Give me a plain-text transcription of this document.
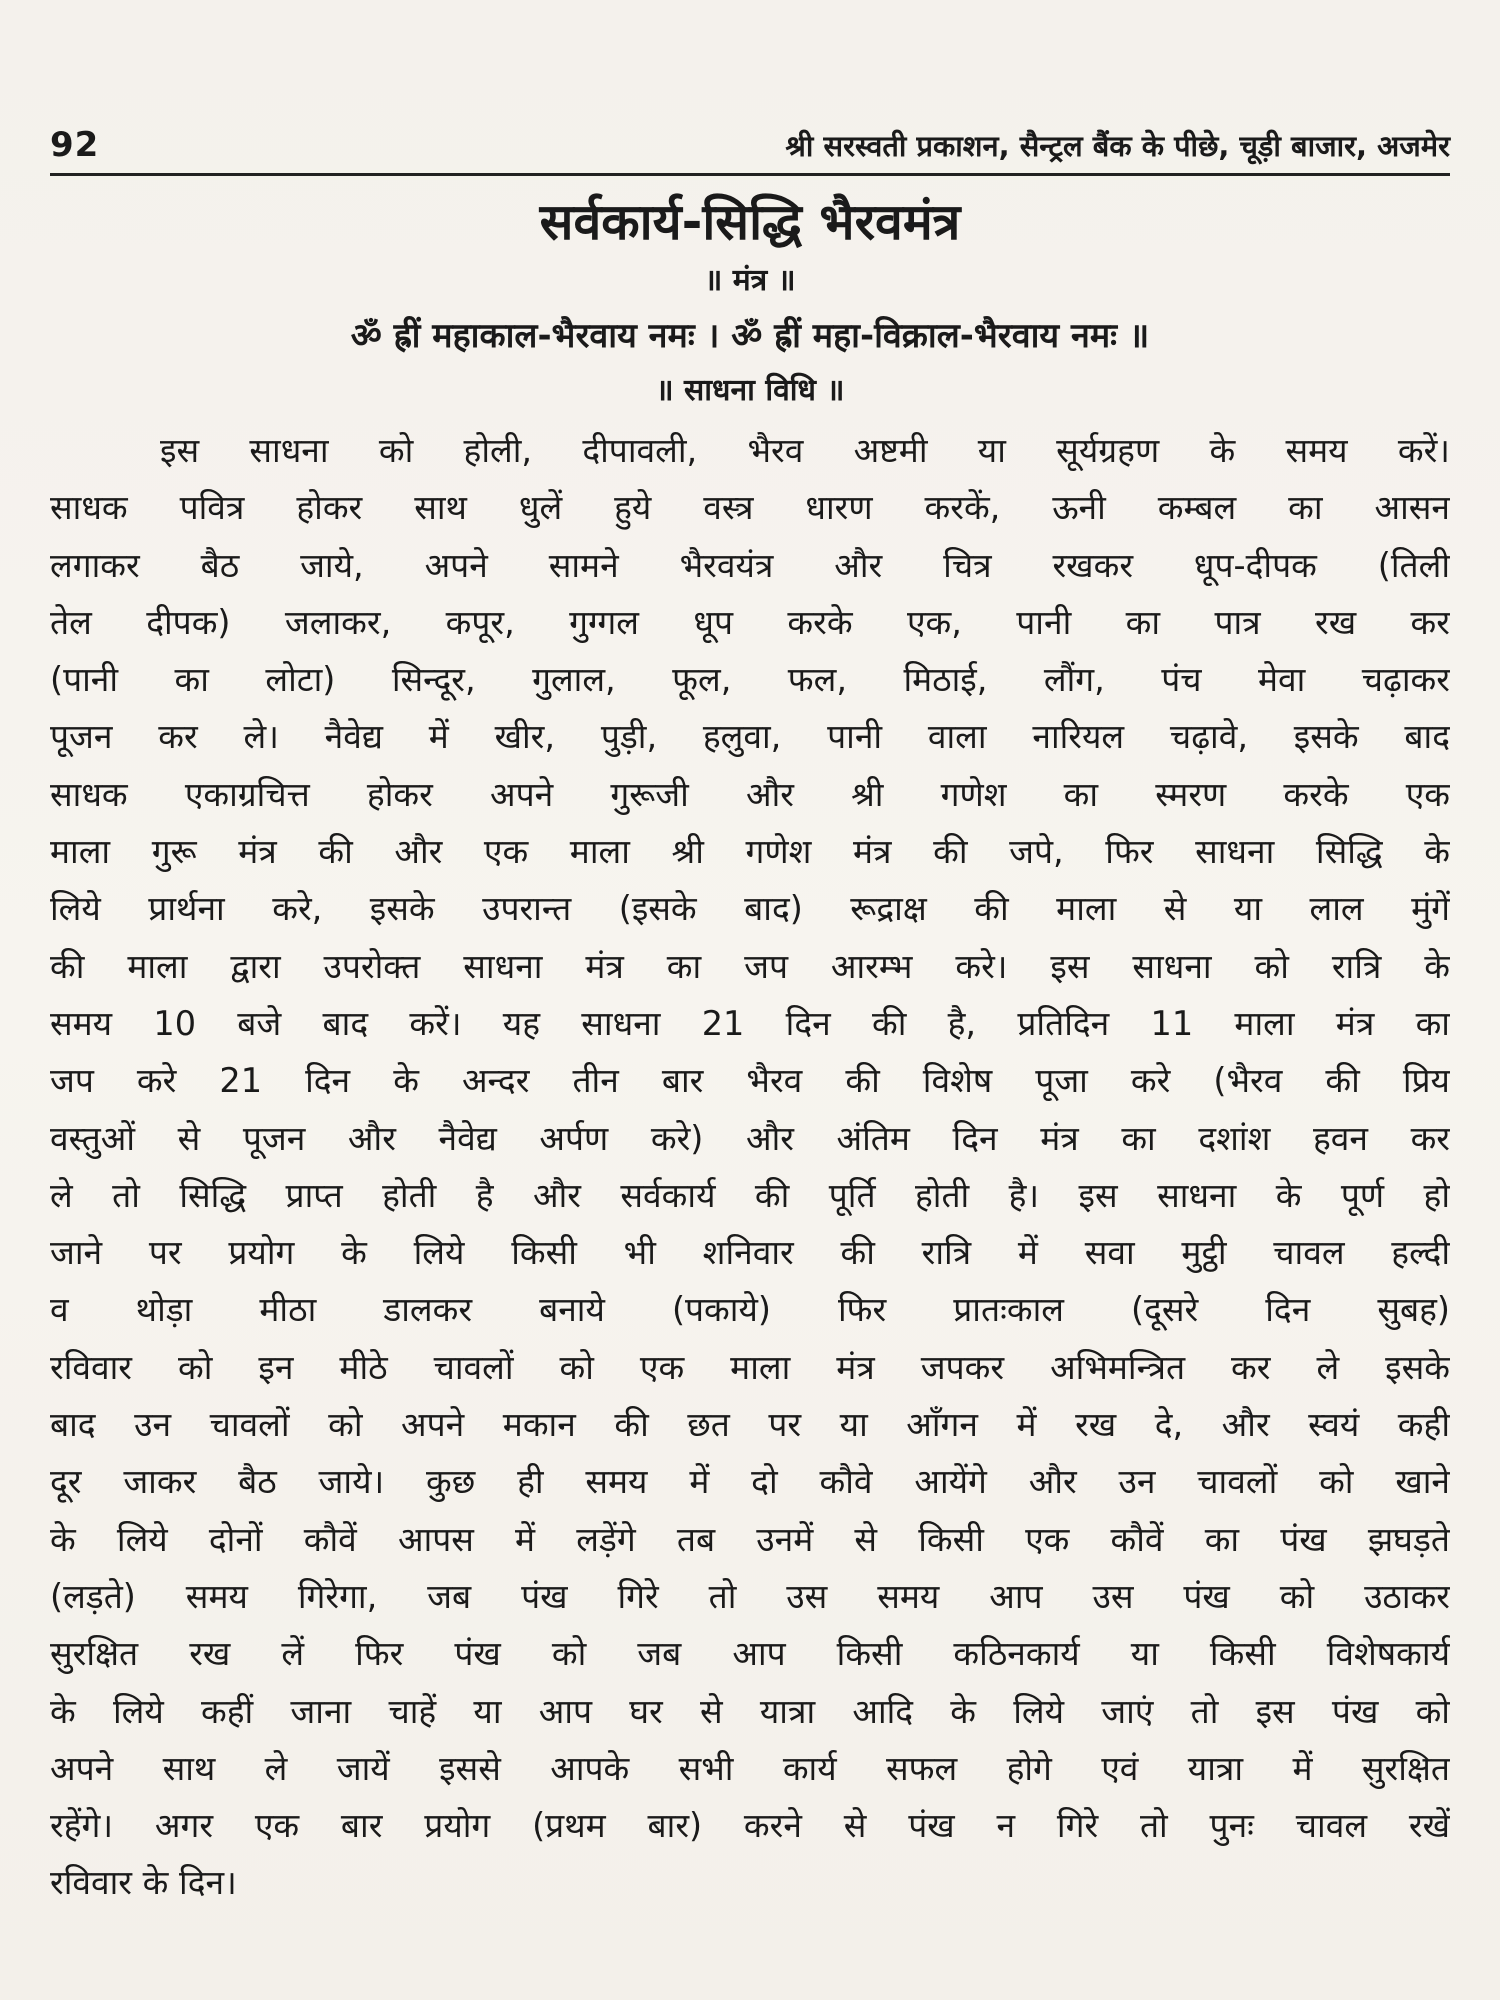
92	श्री सरस्वती प्रकाशन, सैन्ट्रल बैंक के पीछे, चूड़ी बाजार, अजमेर
सर्वकार्य-सिद्धि भैरवमंत्र
॥ मंत्र ॥
ॐ ह्रीं महाकाल-भैरवाय नमः । ॐ ह्रीं महा-विक्राल-भैरवाय नमः ॥
॥ साधना विधि ॥
इस साधना को होली, दीपावली, भैरव अष्टमी या सूर्यग्रहण के समय करें।
साधक पवित्र होकर साथ धुलें हुये वस्त्र धारण करकें, ऊनी कम्बल का आसन
लगाकर बैठ जाये, अपने सामने भैरवयंत्र और चित्र रखकर धूप-दीपक (तिली
तेल दीपक) जलाकर, कपूर, गुग्गल धूप करके एक, पानी का पात्र रख कर
(पानी का लोटा) सिन्दूर, गुलाल, फूल, फल, मिठाई, लौंग, पंच मेवा चढ़ाकर
पूजन कर ले। नैवेद्य में खीर, पुड़ी, हलुवा, पानी वाला नारियल चढ़ावे, इसके बाद
साधक एकाग्रचित्त होकर अपने गुरूजी और श्री गणेश का स्मरण करके एक
माला गुरू मंत्र की और एक माला श्री गणेश मंत्र की जपे, फिर साधना सिद्धि के
लिये प्रार्थना करे, इसके उपरान्त (इसके बाद) रूद्राक्ष की माला से या लाल मुंगें
की माला द्वारा उपरोक्त साधना मंत्र का जप आरम्भ करे। इस साधना को रात्रि के
समय 10 बजे बाद करें। यह साधना 21 दिन की है, प्रतिदिन 11 माला मंत्र का
जप करे 21 दिन के अन्दर तीन बार भैरव की विशेष पूजा करे (भैरव की प्रिय
वस्तुओं से पूजन और नैवेद्य अर्पण करे) और अंतिम दिन मंत्र का दशांश हवन कर
ले तो सिद्धि प्राप्त होती है और सर्वकार्य की पूर्ति होती है। इस साधना के पूर्ण हो
जाने पर प्रयोग के लिये किसी भी शनिवार की रात्रि में सवा मुट्ठी चावल हल्दी
व थोड़ा मीठा डालकर बनाये (पकाये) फिर प्रातःकाल (दूसरे दिन सुबह)
रविवार को इन मीठे चावलों को एक माला मंत्र जपकर अभिमन्त्रित कर ले इसके
बाद उन चावलों को अपने मकान की छत पर या आँगन में रख दे, और स्वयं कही
दूर जाकर बैठ जाये। कुछ ही समय में दो कौवे आयेंगे और उन चावलों को खाने
के लिये दोनों कौवें आपस में लड़ेंगे तब उनमें से किसी एक कौवें का पंख झघड़ते
(लड़ते) समय गिरेगा, जब पंख गिरे तो उस समय आप उस पंख को उठाकर
सुरक्षित रख लें फिर पंख को जब आप किसी कठिनकार्य या किसी विशेषकार्य
के लिये कहीं जाना चाहें या आप घर से यात्रा आदि के लिये जाएं तो इस पंख को
अपने साथ ले जायें इससे आपके सभी कार्य सफल होगे एवं यात्रा में सुरक्षित
रहेंगे। अगर एक बार प्रयोग (प्रथम बार) करने से पंख न गिरे तो पुनः चावल रखें
रविवार के दिन।
